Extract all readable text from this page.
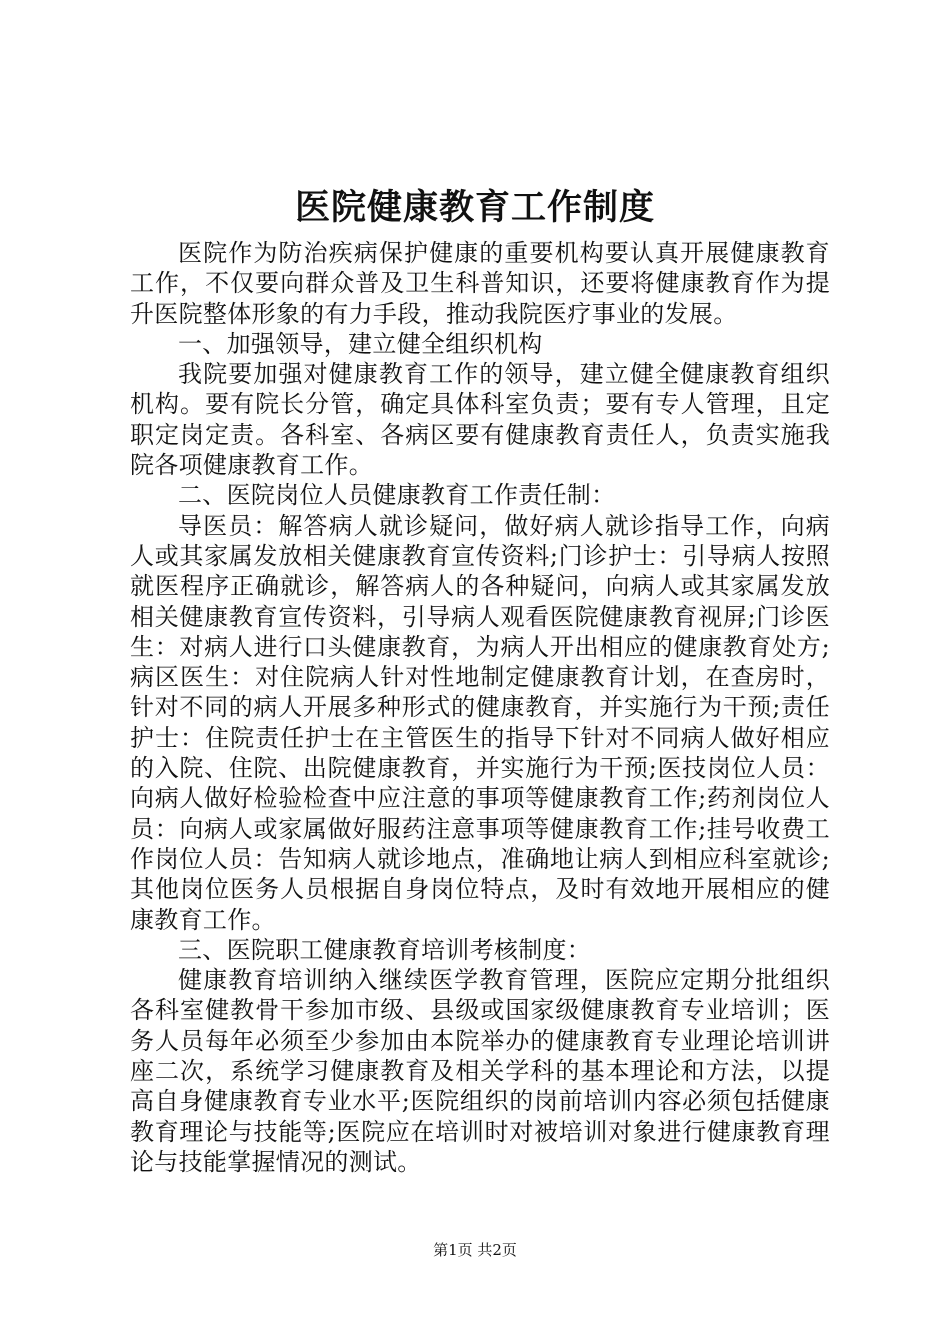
医院健康教育工作制度

医院作为防治疾病保护健康的重要机构要认真开展健康教育工作，不仅要向群众普及卫生科普知识，还要将健康教育作为提升医院整体形象的有力手段，推动我院医疗事业的发展。

一、加强领导，建立健全组织机构

我院要加强对健康教育工作的领导，建立健全健康教育组织机构。要有院长分管，确定具体科室负责；要有专人管理，且定职定岗定责。各科室、各病区要有健康教育责任人，负责实施我院各项健康教育工作。

二、医院岗位人员健康教育工作责任制：

导医员：解答病人就诊疑问，做好病人就诊指导工作，向病人或其家属发放相关健康教育宣传资料;门诊护士：引导病人按照就医程序正确就诊，解答病人的各种疑问，向病人或其家属发放相关健康教育宣传资料，引导病人观看医院健康教育视屏;门诊医生：对病人进行口头健康教育，为病人开出相应的健康教育处方;病区医生：对住院病人针对性地制定健康教育计划，在查房时，针对不同的病人开展多种形式的健康教育，并实施行为干预;责任护士：住院责任护士在主管医生的指导下针对不同病人做好相应的入院、住院、出院健康教育，并实施行为干预;医技岗位人员：向病人做好检验检查中应注意的事项等健康教育工作;药剂岗位人员：向病人或家属做好服药注意事项等健康教育工作;挂号收费工作岗位人员：告知病人就诊地点，准确地让病人到相应科室就诊;其他岗位医务人员根据自身岗位特点，及时有效地开展相应的健康教育工作。

三、医院职工健康教育培训考核制度：

健康教育培训纳入继续医学教育管理，医院应定期分批组织各科室健教骨干参加市级、县级或国家级健康教育专业培训；医务人员每年必须至少参加由本院举办的健康教育专业理论培训讲座二次，系统学习健康教育及相关学科的基本理论和方法，以提高自身健康教育专业水平;医院组织的岗前培训内容必须包括健康教育理论与技能等;医院应在培训时对被培训对象进行健康教育理论与技能掌握情况的测试。

第1页 共2页
